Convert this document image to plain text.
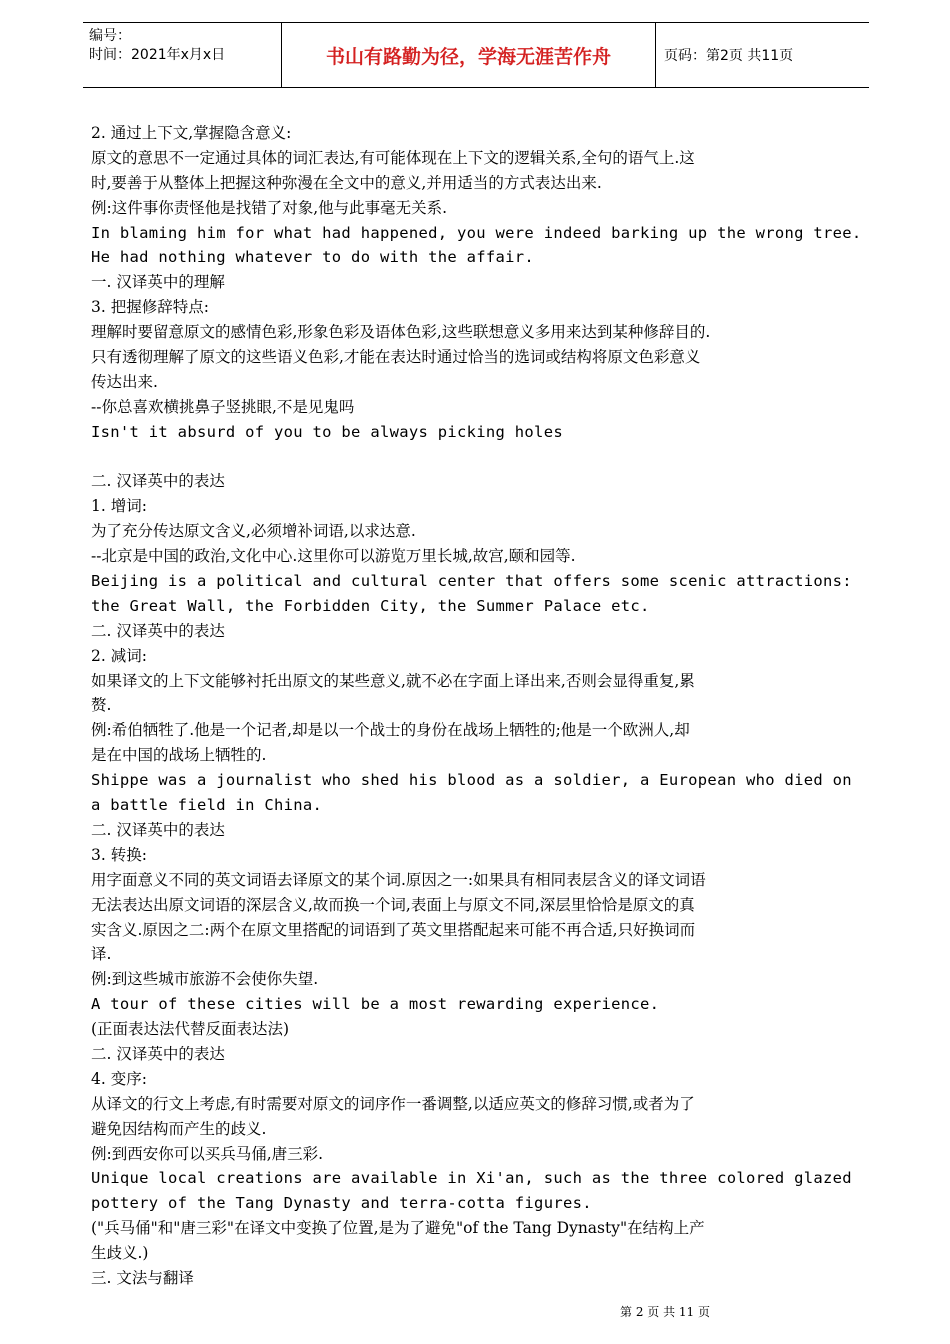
编号：
时间：2021年x月x日	书山有路勤为径，学海无涯苦作舟	页码：第2页 共11页
2. 通过上下文,掌握隐含意义:
原文的意思不一定通过具体的词汇表达,有可能体现在上下文的逻辑关系,全句的语气上.这
时,要善于从整体上把握这种弥漫在全文中的意义,并用适当的方式表达出来.
例:这件事你责怪他是找错了对象,他与此事毫无关系.
In blaming him for what had happened, you were indeed barking up the wrong tree.
He had nothing whatever to do with the affair.
一. 汉译英中的理解
3. 把握修辞特点:
理解时要留意原文的感情色彩,形象色彩及语体色彩,这些联想意义多用来达到某种修辞目的.
只有透彻理解了原文的这些语义色彩,才能在表达时通过恰当的选词或结构将原文色彩意义
传达出来.
--你总喜欢横挑鼻子竖挑眼,不是见鬼吗
Isn't it absurd of you to be always picking holes
二. 汉译英中的表达
1. 增词:
为了充分传达原文含义,必须增补词语,以求达意.
--北京是中国的政治,文化中心.这里你可以游览万里长城,故宫,颐和园等.
Beijing is a political and cultural center that offers some scenic attractions:
the Great Wall, the Forbidden City, the Summer Palace etc.
二. 汉译英中的表达
2. 减词:
如果译文的上下文能够衬托出原文的某些意义,就不必在字面上译出来,否则会显得重复,累
赘.
例:希伯牺牲了.他是一个记者,却是以一个战士的身份在战场上牺牲的;他是一个欧洲人,却
是在中国的战场上牺牲的.
Shippe was a journalist who shed his blood as a soldier, a European who died on
a battle field in China.
二. 汉译英中的表达
3. 转换:
用字面意义不同的英文词语去译原文的某个词.原因之一:如果具有相同表层含义的译文词语
无法表达出原文词语的深层含义,故而换一个词,表面上与原文不同,深层里恰恰是原文的真
实含义.原因之二:两个在原文里搭配的词语到了英文里搭配起来可能不再合适,只好换词而
译.
例:到这些城市旅游不会使你失望.
A tour of these cities will be a most rewarding experience.
(正面表达法代替反面表达法)
二. 汉译英中的表达
4. 变序:
从译文的行文上考虑,有时需要对原文的词序作一番调整,以适应英文的修辞习惯,或者为了
避免因结构而产生的歧义.
例:到西安你可以买兵马俑,唐三彩.
Unique local creations are available in Xi'an, such as the three colored glazed
pottery of the Tang Dynasty and terra-cotta figures.
("兵马俑"和"唐三彩"在译文中变换了位置,是为了避免"of the Tang Dynasty"在结构上产
生歧义.)
三. 文法与翻译
第 2 页 共 11 页
